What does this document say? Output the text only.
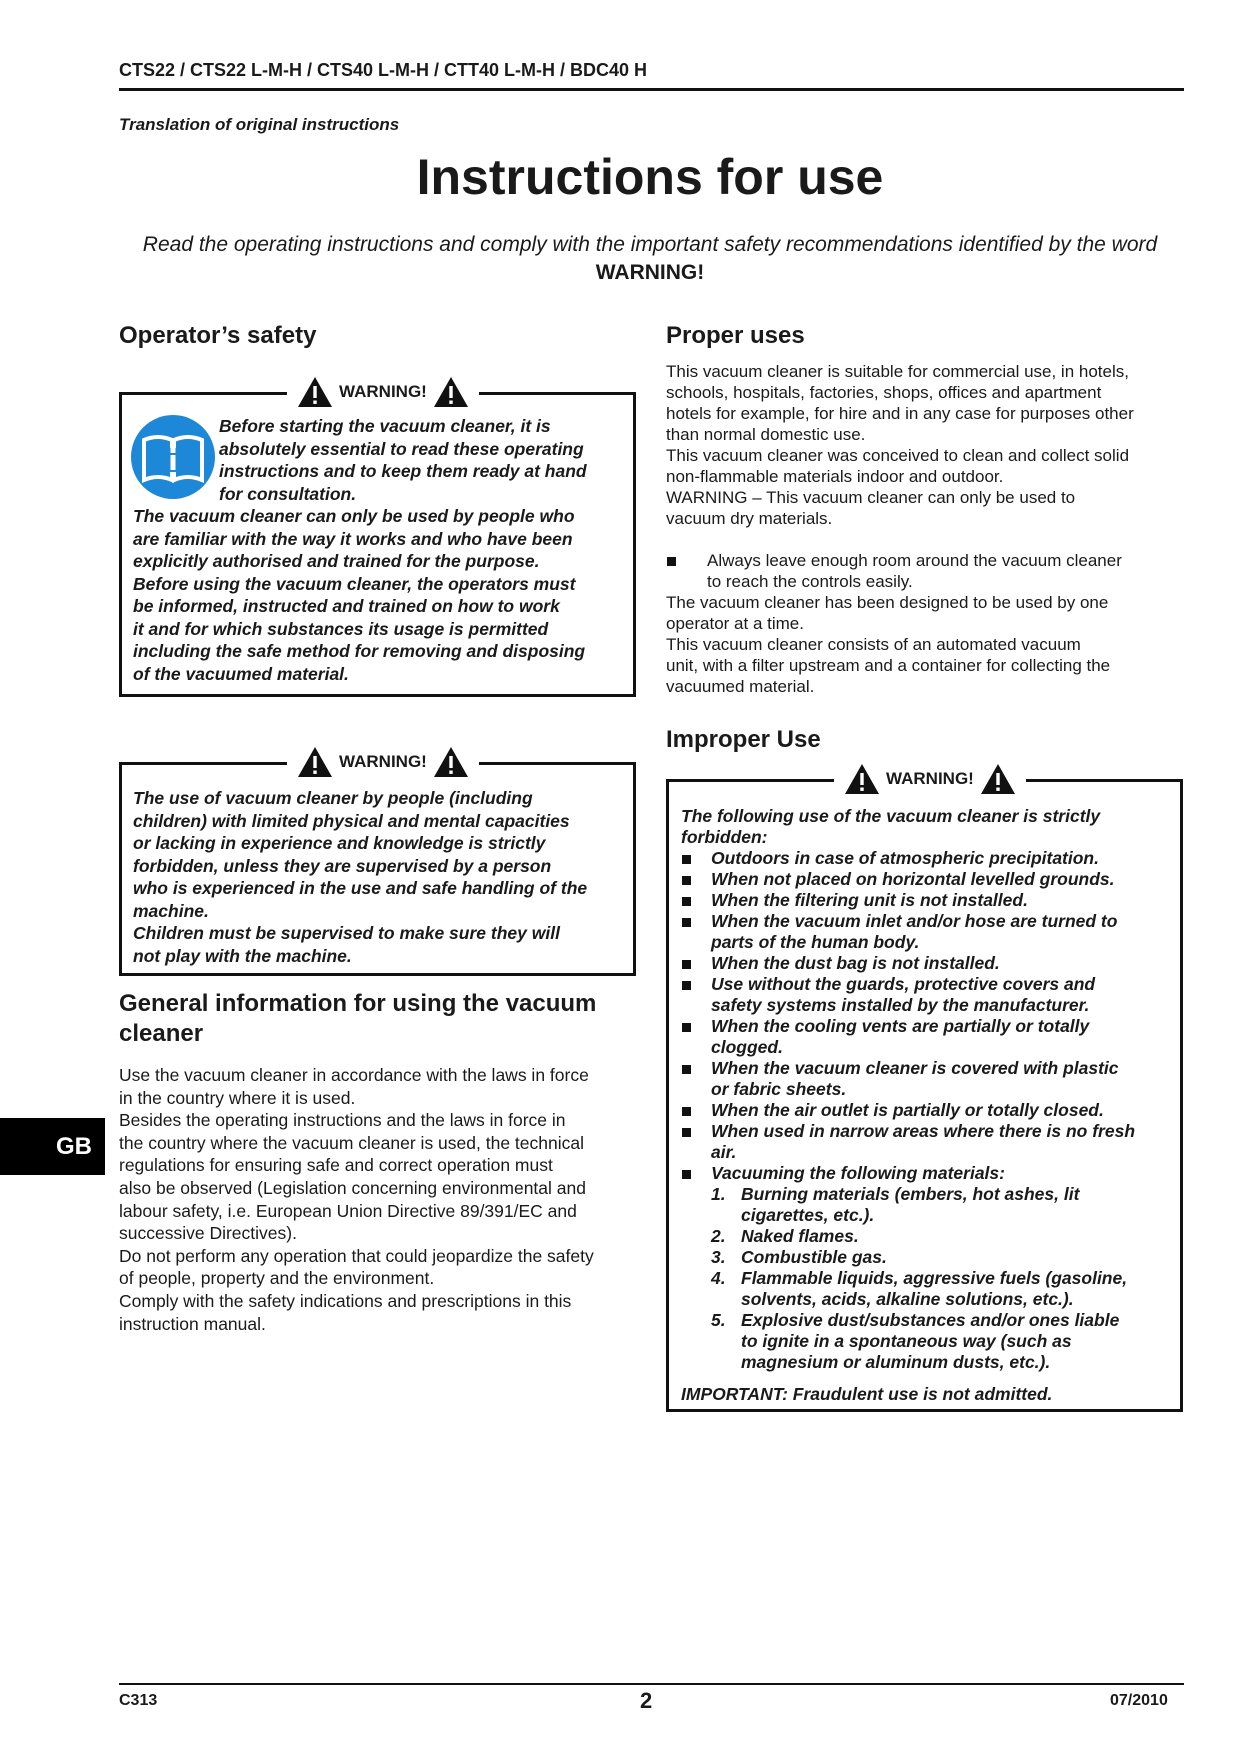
CTS22 / CTS22 L-M-H / CTS40 L-M-H / CTT40 L-M-H / BDC40 H
Translation of original instructions
Instructions for use
Read the operating instructions and comply with the important safety recommendations identified by the word WARNING!
Operator’s safety
WARNING!
Before starting the vacuum cleaner, it is
absolutely essential to read these operating
instructions and to keep them ready at hand
for consultation.
The vacuum cleaner can only be used by people who
are familiar with the way it works and who have been
explicitly authorised and trained for the purpose.
Before using the vacuum cleaner, the operators must
be informed, instructed and trained on how to work
it and for which substances its usage is permitted
including the safe method for removing and disposing
of the vacuumed material.
WARNING!
The use of vacuum cleaner by people (including
children) with limited physical and mental capacities
or lacking in experience and knowledge is strictly
forbidden, unless they are supervised by a person
who is experienced in the use and safe handling of the
machine.
Children must be supervised to make sure they will
not play with the machine.
General information for using the vacuum
cleaner
Use the vacuum cleaner in accordance with the laws in force
in the country where it is used.
Besides the operating instructions and the laws in force in
the country where the vacuum cleaner is used, the technical
regulations for ensuring safe and correct operation must
also be observed (Legislation concerning environmental and
labour safety, i.e. European Union Directive 89/391/EC and
successive Directives).
Do not perform any operation that could jeopardize the safety
of people, property and the environment.
Comply with the safety indications and prescriptions in this
instruction manual.
Proper uses
This vacuum cleaner is suitable for commercial use, in hotels,
schools, hospitals, factories, shops, offices and apartment
hotels for example, for hire and in any case for purposes other
than normal domestic use.
This vacuum cleaner was conceived to clean and collect solid
non-flammable materials indoor and outdoor.
WARNING – This vacuum cleaner can only be used to
vacuum dry materials.
Always leave enough room around the vacuum cleaner
to reach the controls easily.
The vacuum cleaner has been designed to be used by one
operator at a time.
This vacuum cleaner consists of an automated vacuum
unit, with a filter upstream and a container for collecting the
vacuumed material.
Improper Use
WARNING!
The following use of the vacuum cleaner is strictly
forbidden:
Outdoors in case of atmospheric precipitation.
When not placed on horizontal levelled grounds.
When the filtering unit is not installed.
When the vacuum inlet and/or hose are turned to
parts of the human body.
When the dust bag is not installed.
Use without the guards, protective covers and
safety systems installed by the manufacturer.
When the cooling vents are partially or totally
clogged.
When the vacuum cleaner is covered with plastic
or fabric sheets.
When the air outlet is partially or totally closed.
When used in narrow areas where there is no fresh
air.
Vacuuming the following materials:
1. Burning materials (embers, hot ashes, lit
cigarettes, etc.).
2. Naked flames.
3. Combustible gas.
4. Flammable liquids, aggressive fuels (gasoline,
solvents, acids, alkaline solutions, etc.).
5. Explosive dust/substances and/or ones liable
to ignite in a spontaneous way (such as
magnesium or aluminum dusts, etc.).
IMPORTANT: Fraudulent use is not admitted.
GB
C313	2	07/2010
